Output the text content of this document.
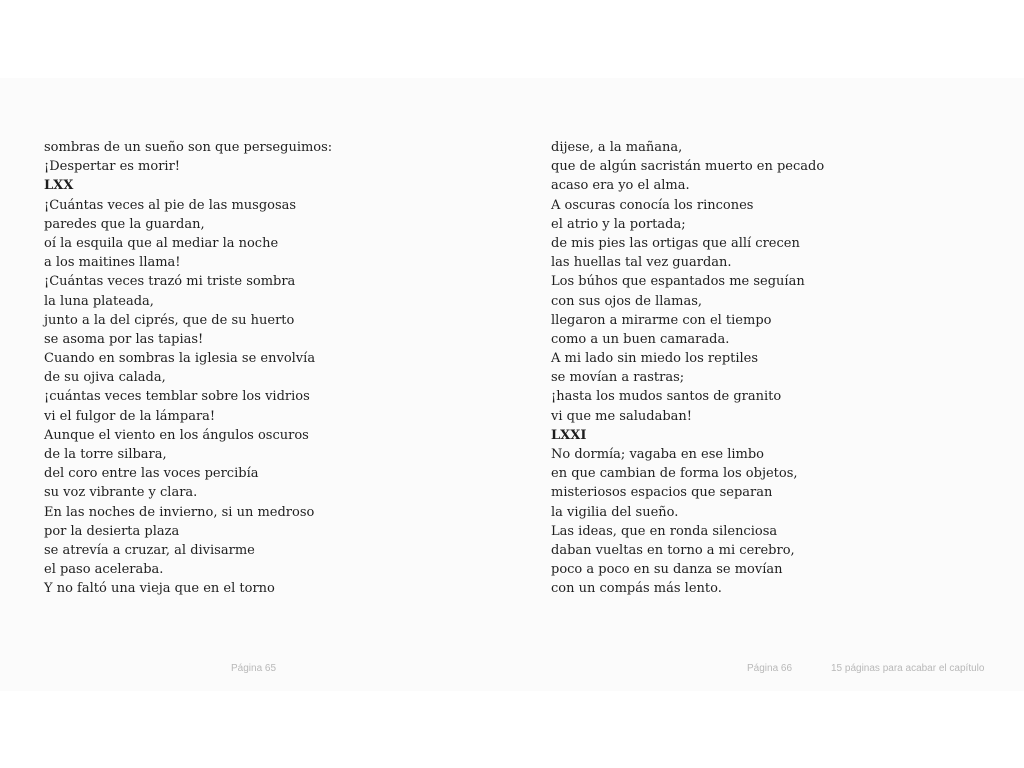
sombras de un sueño son que perseguimos:
¡Despertar es morir!
LXX
¡Cuántas veces al pie de las musgosas
paredes que la guardan,
oí la esquila que al mediar la noche
a los maitines llama!
¡Cuántas veces trazó mi triste sombra
la luna plateada,
junto a la del ciprés, que de su huerto
se asoma por las tapias!
Cuando en sombras la iglesia se envolvía
de su ojiva calada,
¡cuántas veces temblar sobre los vidrios
vi el fulgor de la lámpara!
Aunque el viento en los ángulos oscuros
de la torre silbara,
del coro entre las voces percibía
su voz vibrante y clara.
En las noches de invierno, si un medroso
por la desierta plaza
se atrevía a cruzar, al divisarme
el paso aceleraba.
Y no faltó una vieja que en el torno
dijese, a la mañana,
que de algún sacristán muerto en pecado
acaso era yo el alma.
A oscuras conocía los rincones
el atrio y la portada;
de mis pies las ortigas que allí crecen
las huellas tal vez guardan.
Los búhos que espantados me seguían
con sus ojos de llamas,
llegaron a mirarme con el tiempo
como a un buen camarada.
A mi lado sin miedo los reptiles
se movían a rastras;
¡hasta los mudos santos de granito
vi que me saludaban!
LXXI
No dormía; vagaba en ese limbo
en que cambian de forma los objetos,
misteriosos espacios que separan
la vigilia del sueño.
Las ideas, que en ronda silenciosa
daban vueltas en torno a mi cerebro,
poco a poco en su danza se movían
con un compás más lento.
Página 65	Página 66	15 páginas para acabar el capítulo
